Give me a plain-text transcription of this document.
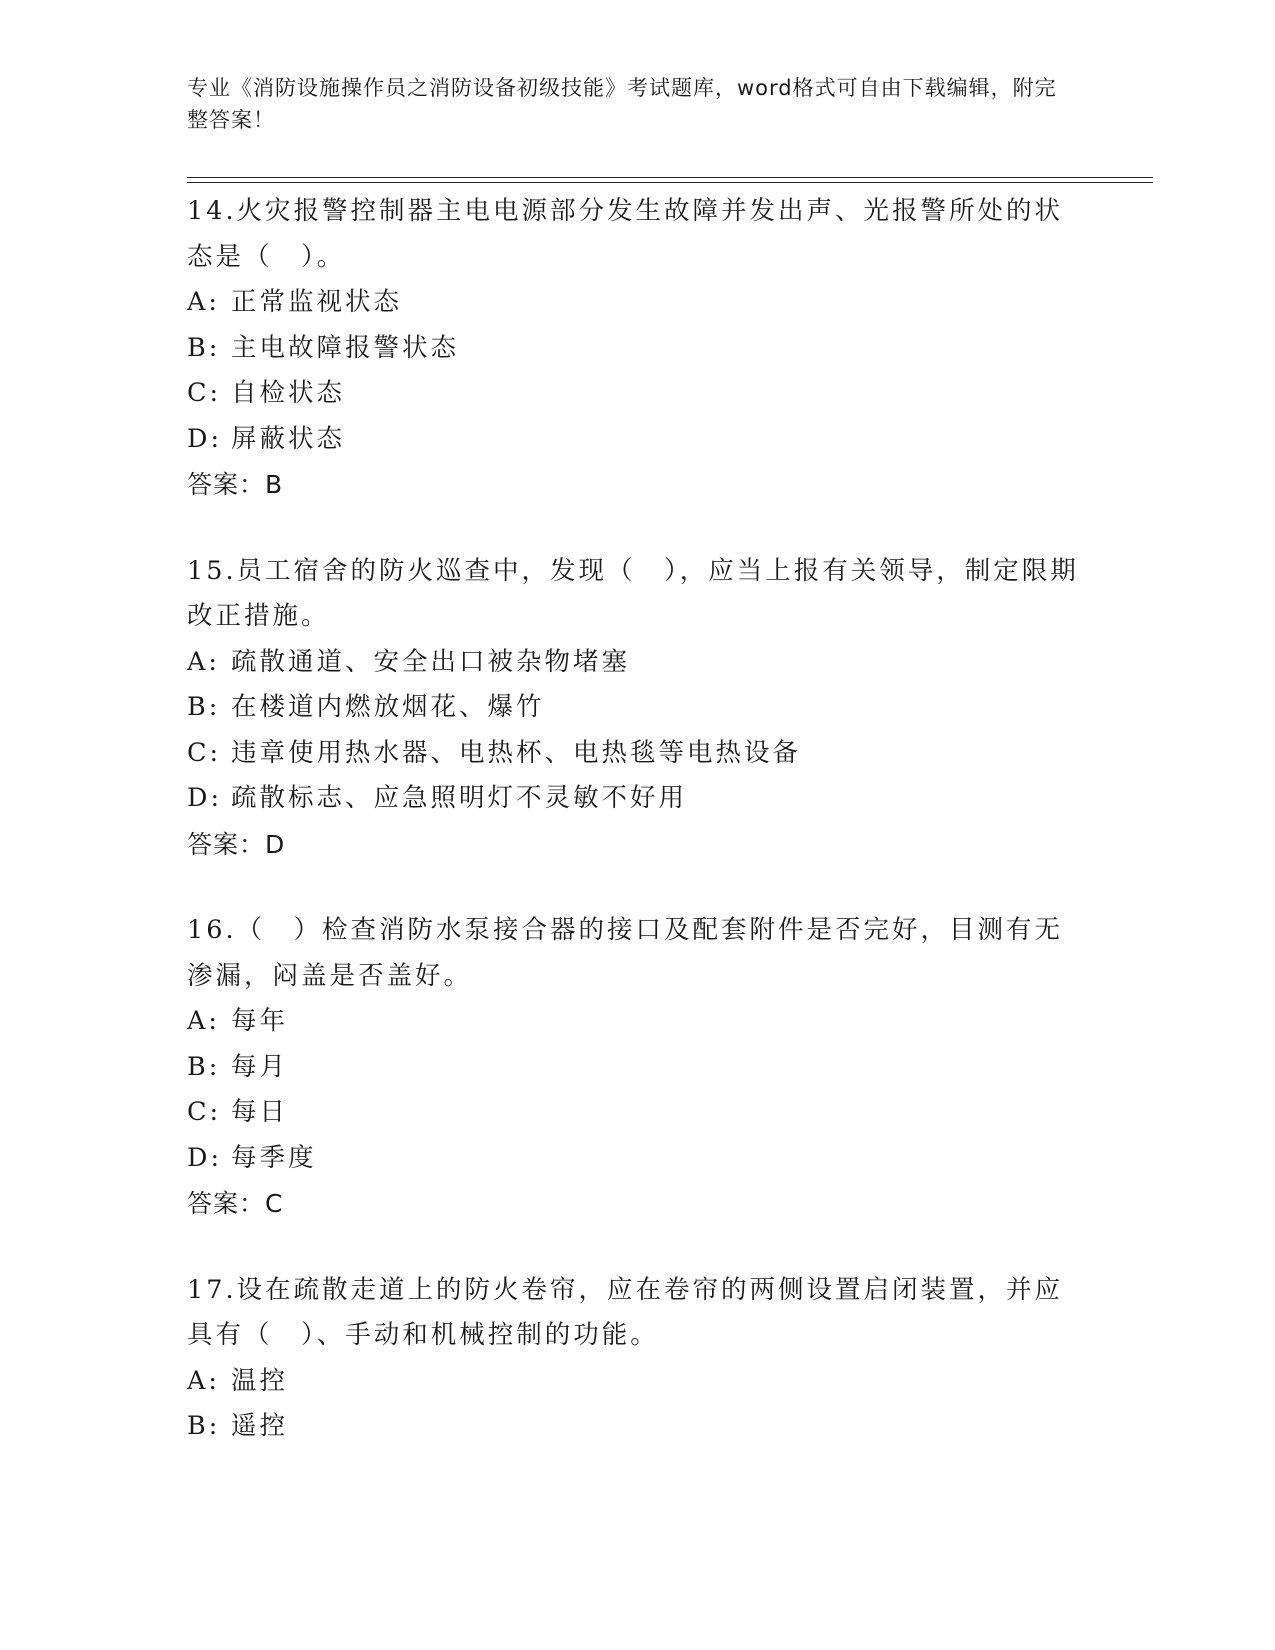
专业《消防设施操作员之消防设备初级技能》考试题库，word格式可自由下载编辑，附完整答案！

14.火灾报警控制器主电电源部分发生故障并发出声、光报警所处的状态是（　）。

A: 正常监视状态

B: 主电故障报警状态

C: 自检状态

D: 屏蔽状态

答案：B

15.员工宿舍的防火巡查中，发现（　），应当上报有关领导，制定限期改正措施。

A: 疏散通道、安全出口被杂物堵塞

B: 在楼道内燃放烟花、爆竹

C: 违章使用热水器、电热杯、电热毯等电热设备

D: 疏散标志、应急照明灯不灵敏不好用

答案：D

16.（　）检查消防水泵接合器的接口及配套附件是否完好，目测有无渗漏，闷盖是否盖好。

A: 每年

B: 每月

C: 每日

D: 每季度

答案：C

17.设在疏散走道上的防火卷帘，应在卷帘的两侧设置启闭装置，并应具有（　）、手动和机械控制的功能。

A: 温控

B: 遥控
